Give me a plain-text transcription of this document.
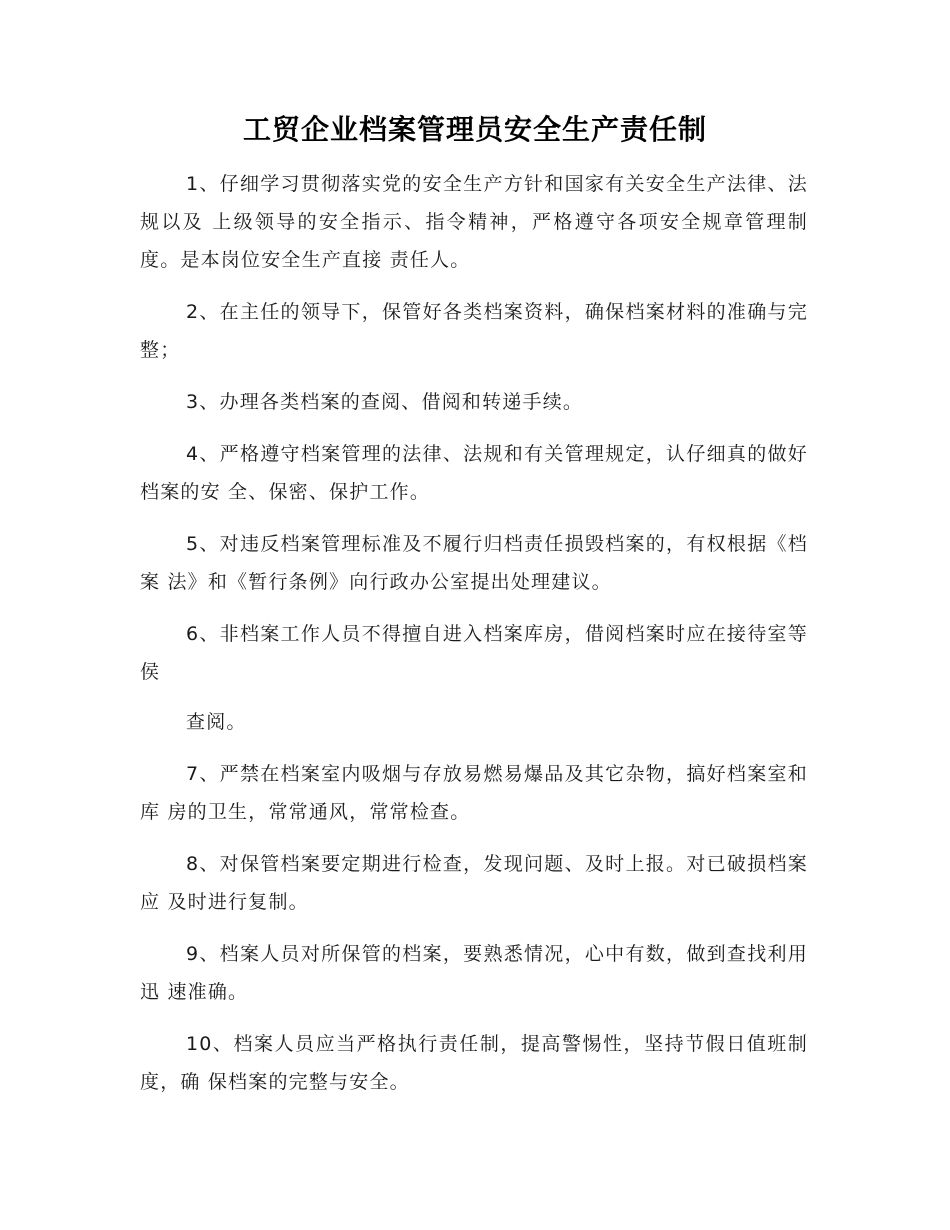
工贸企业档案管理员安全生产责任制

1、仔细学习贯彻落实党的安全生产方针和国家有关安全生产法律、法规以及 上级领导的安全指示、指令精神，严格遵守各项安全规章管理制度。是本岗位安全生产直接 责任人。

2、在主任的领导下，保管好各类档案资料，确保档案材料的准确与完整；

3、办理各类档案的查阅、借阅和转递手续。

4、严格遵守档案管理的法律、法规和有关管理规定，认仔细真的做好档案的安 全、保密、保护工作。

5、对违反档案管理标准及不履行归档责任损毁档案的，有权根据《档案 法》和《暂行条例》向行政办公室提出处理建议。

6、非档案工作人员不得擅自进入档案库房，借阅档案时应在接待室等侯

查阅。

7、严禁在档案室内吸烟与存放易燃易爆品及其它杂物，搞好档案室和库 房的卫生，常常通风，常常检查。

8、对保管档案要定期进行检查，发现问题、及时上报。对已破损档案应 及时进行复制。

9、档案人员对所保管的档案，要熟悉情况，心中有数，做到查找利用迅 速准确。

10、档案人员应当严格执行责任制，提高警惕性，坚持节假日值班制度，确 保档案的完整与安全。
